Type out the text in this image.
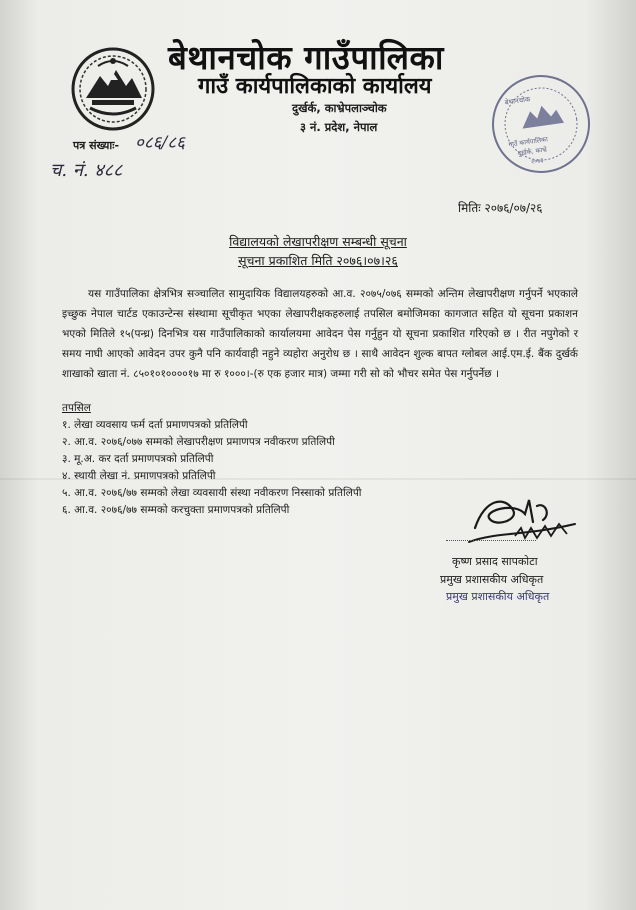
बेथानचोक गाउँपालिका
गाउँ कार्यपालिकाको कार्यालय
दुर्खर्क, काभ्रेपलाञ्चोक
३ नं. प्रदेश, नेपाल
पत्र संख्याः- ०८६/८६
च. नं. ४८८
बेथानचोक
गाउँ कार्यपालिका
दुर्खर्क, काभ्रे
२०७३
मितिः २०७६/०७/२६
विद्यालयको लेखापरीक्षण सम्बन्धी सूचना
सूचना प्रकाशित मिति २०७६।०७।२६

यस गाउँपालिका क्षेत्रभित्र सञ्चालित सामुदायिक विद्यालयहरुको आ.व. २०७५/०७६ सम्मको अन्तिम लेखापरीक्षण गर्नुपर्ने भएकाले इच्छुक नेपाल चार्टड एकाउन्टेन्स संस्थामा सूचीकृत भएका लेखापरीक्षकहरुलाई तपसिल बमोजिमका कागजात सहित यो सूचना प्रकाशन भएको मितिले १५(पन्ध्र) दिनभित्र यस गाउँपालिकाको कार्यालयमा आवेदन पेस गर्नुहुन यो सूचना प्रकाशित गरिएको छ । रीत नपुगेको र समय नाघी आएको आवेदन उपर कुनै पनि कार्यवाही नहुने व्यहोरा अनुरोध छ । साथै आवेदन शुल्क बापत ग्लोबल आई.एम.ई. बैंक दुर्खर्क शाखाको खाता नं. ८५०१०१००००१७ मा रु १०००।-(रु एक हजार मात्र) जम्मा गरी सो को भौचर समेत पेस गर्नुपर्नेछ ।

तपसिल
१. लेखा व्यवसाय फर्म दर्ता प्रमाणपत्रको प्रतिलिपी
२. आ.व. २०७६/०७७ सम्मको लेखापरीक्षण प्रमाणपत्र नवीकरण प्रतिलिपी
३. मू.अ. कर दर्ता प्रमाणपत्रको प्रतिलिपी
४. स्थायी लेखा नं. प्रमाणपत्रको प्रतिलिपी
५. आ.व. २०७६/७७ सम्मको लेखा व्यवसायी संस्था नवीकरण निस्साको प्रतिलिपी
६. आ.व. २०७६/७७ सम्मको करचुक्ता प्रमाणपत्रको प्रतिलिपी
कृष्ण प्रसाद सापकोटा
प्रमुख प्रशासकीय अधिकृत
प्रमुख प्रशासकीय अधिकृत
